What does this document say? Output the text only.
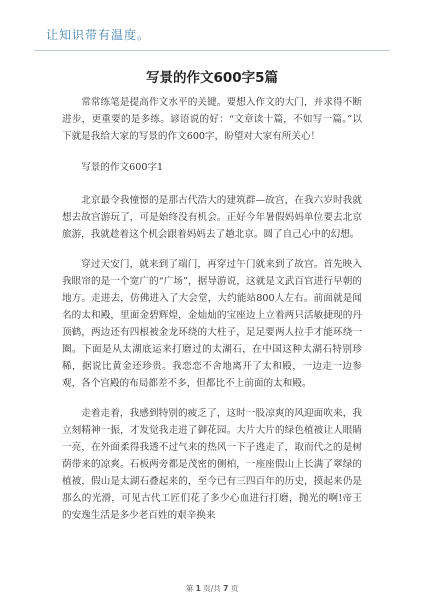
让知识带有温度。
写景的作文600字5篇

常常练笔是提高作文水平的关键。要想入作文的大门，并求得不断进步，更重要的是多练。谚语说的好：“文章读十篇，不如写一篇。”以下就是我给大家的写景的作文600字，盼望对大家有所关心！

写景的作文600字1

北京最令我憧憬的是那古代浩大的建筑群—故宫，在我六岁时我就想去故宫游玩了，可是始终没有机会。正好今年暑假妈妈单位要去北京旅游，我就趁着这个机会跟着妈妈去了趟北京。圆了自己心中的幻想。

穿过天安门，就来到了端门，再穿过午门就来到了故宫。首先映入我眼帘的是一个宽广的“广场”，据导游说，这就是文武百官进行早朝的地方。走进去，仿佛进入了大会堂，大约能站800人左右。前面就是闻名的太和殿，里面金碧辉煌，金灿灿的宝座边上立着两只活敏捷现的丹顶鹤，两边还有四根被金龙环绕的大柱子，足足要两人拉手才能环绕一圈。下面是从太湖底运来打磨过的太湖石，在中国这种太湖石特别珍稀，据说比黄金还珍贵。我恋恋不舍地离开了太和殿，一边走一边参观，各个宫殿的布局都差不多，但都比不上前面的太和殿。

走着走着，我感到特别的疲乏了，这时一股凉爽的风迎面吹来，我立刻精神一振，才发觉我走进了御花园。大片大片的绿色植被让人眼睛一亮，在外面柔得我透不过气来的热风一下子逃走了，取而代之的是树荫带来的凉爽。石板两旁都是茂密的侧柏，一座座假山上长满了翠绿的植被，假山是太湖石叠起来的，至今已有三四百年的历史，摸起来仍是那么的光滑，可见古代工匠们花了多少心血进行打磨，抛光的啊!帝王的安逸生活是多少老百姓的艰辛换来

第 1 页/共 7 页
